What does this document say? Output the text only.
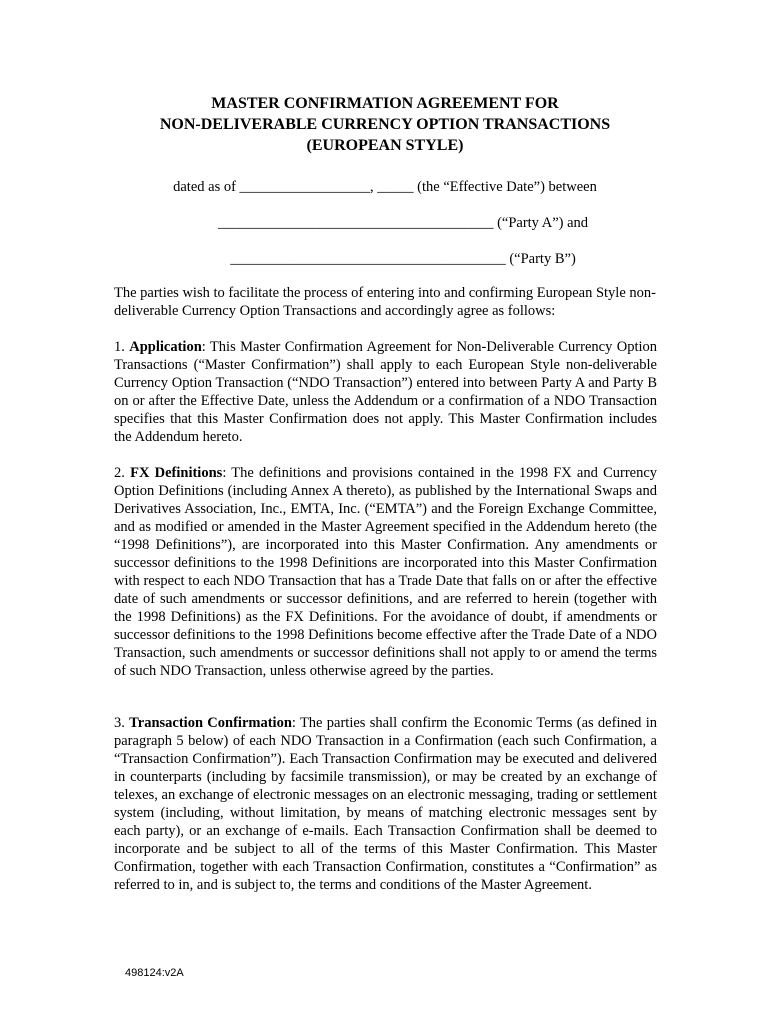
MASTER CONFIRMATION AGREEMENT FOR
NON-DELIVERABLE CURRENCY OPTION TRANSACTIONS
(EUROPEAN STYLE)
dated as of __________________, _____ (the “Effective Date”) between
______________________________________ (“Party A”) and
______________________________________ (“Party B”)
The parties wish to facilitate the process of entering into and confirming European Style non-deliverable Currency Option Transactions and accordingly agree as follows:
1. Application: This Master Confirmation Agreement for Non-Deliverable Currency Option Transactions (“Master Confirmation”) shall apply to each European Style non-deliverable Currency Option Transaction (“NDO Transaction”) entered into between Party A and Party B on or after the Effective Date, unless the Addendum or a confirmation of a NDO Transaction specifies that this Master Confirmation does not apply. This Master Confirmation includes the Addendum hereto.
2. FX Definitions: The definitions and provisions contained in the 1998 FX and Currency Option Definitions (including Annex A thereto), as published by the International Swaps and Derivatives Association, Inc., EMTA, Inc. (“EMTA”) and the Foreign Exchange Committee, and as modified or amended in the Master Agreement specified in the Addendum hereto (the “1998 Definitions”), are incorporated into this Master Confirmation. Any amendments or successor definitions to the 1998 Definitions are incorporated into this Master Confirmation with respect to each NDO Transaction that has a Trade Date that falls on or after the effective date of such amendments or successor definitions, and are referred to herein (together with the 1998 Definitions) as the FX Definitions. For the avoidance of doubt, if amendments or successor definitions to the 1998 Definitions become effective after the Trade Date of a NDO Transaction, such amendments or successor definitions shall not apply to or amend the terms of such NDO Transaction, unless otherwise agreed by the parties.
3. Transaction Confirmation: The parties shall confirm the Economic Terms (as defined in paragraph 5 below) of each NDO Transaction in a Confirmation (each such Confirmation, a “Transaction Confirmation”). Each Transaction Confirmation may be executed and delivered in counterparts (including by facsimile transmission), or may be created by an exchange of telexes, an exchange of electronic messages on an electronic messaging, trading or settlement system (including, without limitation, by means of matching electronic messages sent by each party), or an exchange of e-mails. Each Transaction Confirmation shall be deemed to incorporate and be subject to all of the terms of this Master Confirmation. This Master Confirmation, together with each Transaction Confirmation, constitutes a “Confirmation” as referred to in, and is subject to, the terms and conditions of the Master Agreement.
498124:v2A
